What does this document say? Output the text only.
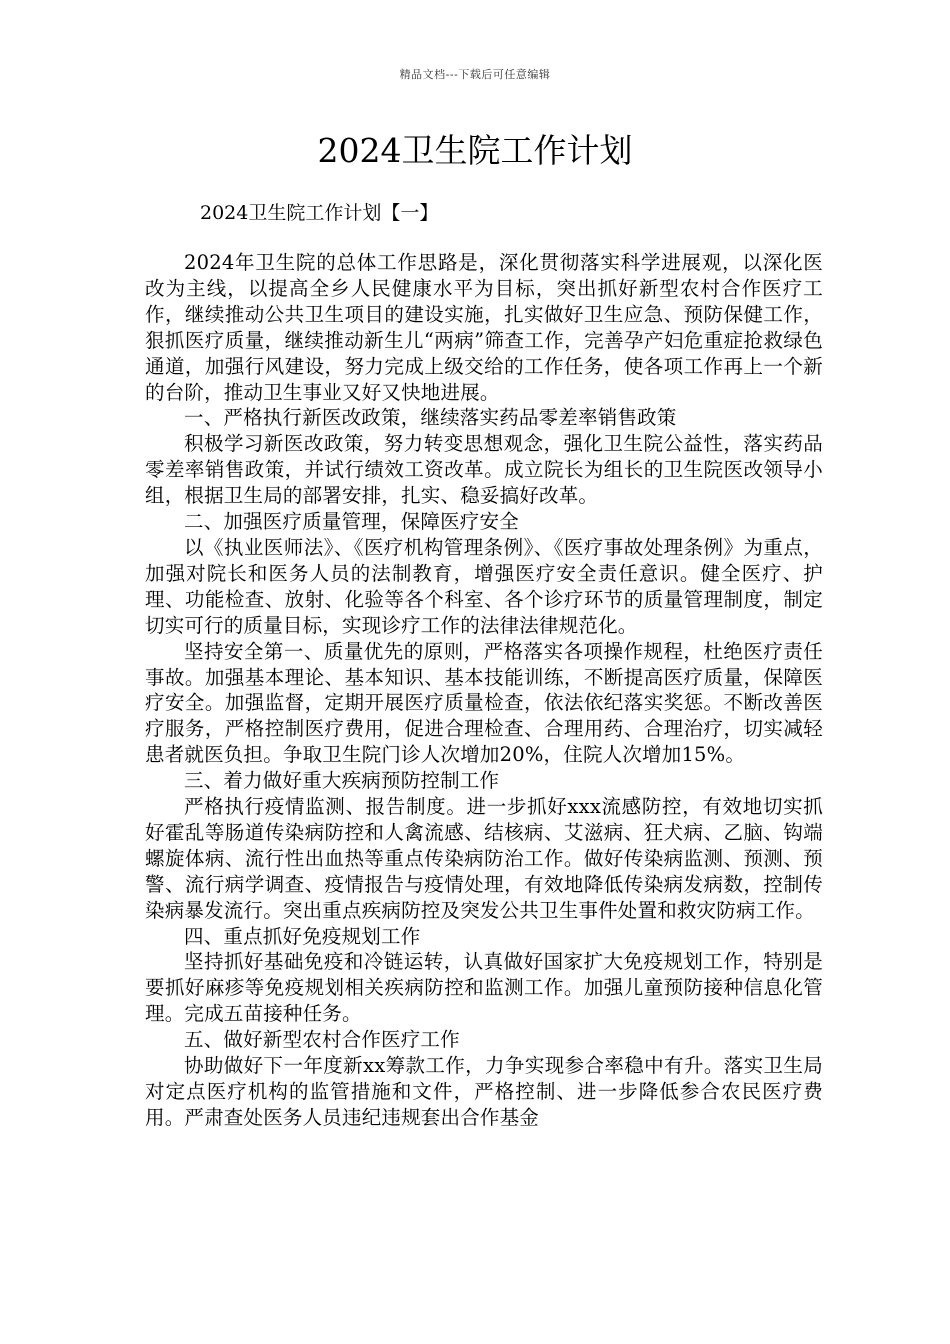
精品文档---下载后可任意编辑
2024卫生院工作计划
2024卫生院工作计划【一】

2024年卫生院的总体工作思路是，深化贯彻落实科学进展观，以深化医改为主线，以提高全乡人民健康水平为目标，突出抓好新型农村合作医疗工作，继续推动公共卫生项目的建设实施，扎实做好卫生应急、预防保健工作，狠抓医疗质量，继续推动新生儿“两病”筛查工作，完善孕产妇危重症抢救绿色通道，加强行风建设，努力完成上级交给的工作任务，使各项工作再上一个新的台阶，推动卫生事业又好又快地进展。

一、严格执行新医改政策，继续落实药品零差率销售政策

积极学习新医改政策，努力转变思想观念，强化卫生院公益性，落实药品零差率销售政策，并试行绩效工资改革。成立院长为组长的卫生院医改领导小组，根据卫生局的部署安排，扎实、稳妥搞好改革。

二、加强医疗质量管理，保障医疗安全

以《执业医师法》、《医疗机构管理条例》、《医疗事故处理条例》为重点，加强对院长和医务人员的法制教育，增强医疗安全责任意识。健全医疗、护理、功能检查、放射、化验等各个科室、各个诊疗环节的质量管理制度，制定切实可行的质量目标，实现诊疗工作的法律法律规范化。

坚持安全第一、质量优先的原则，严格落实各项操作规程，杜绝医疗责任事故。加强基本理论、基本知识、基本技能训练，不断提高医疗质量，保障医疗安全。加强监督，定期开展医疗质量检查，依法依纪落实奖惩。不断改善医疗服务，严格控制医疗费用，促进合理检查、合理用药、合理治疗，切实减轻患者就医负担。争取卫生院门诊人次增加20%，住院人次增加15%。

三、着力做好重大疾病预防控制工作

严格执行疫情监测、报告制度。进一步抓好xxx流感防控，有效地切实抓好霍乱等肠道传染病防控和人禽流感、结核病、艾滋病、狂犬病、乙脑、钩端螺旋体病、流行性出血热等重点传染病防治工作。做好传染病监测、预测、预警、流行病学调查、疫情报告与疫情处理，有效地降低传染病发病数，控制传染病暴发流行。突出重点疾病防控及突发公共卫生事件处置和救灾防病工作。

四、重点抓好免疫规划工作

坚持抓好基础免疫和冷链运转，认真做好国家扩大免疫规划工作，特别是要抓好麻疹等免疫规划相关疾病防控和监测工作。加强儿童预防接种信息化管理。完成五苗接种任务。

五、做好新型农村合作医疗工作

协助做好下一年度新xx筹款工作，力争实现参合率稳中有升。落实卫生局对定点医疗机构的监管措施和文件，严格控制、进一步降低参合农民医疗费用。严肃查处医务人员违纪违规套出合作基金
